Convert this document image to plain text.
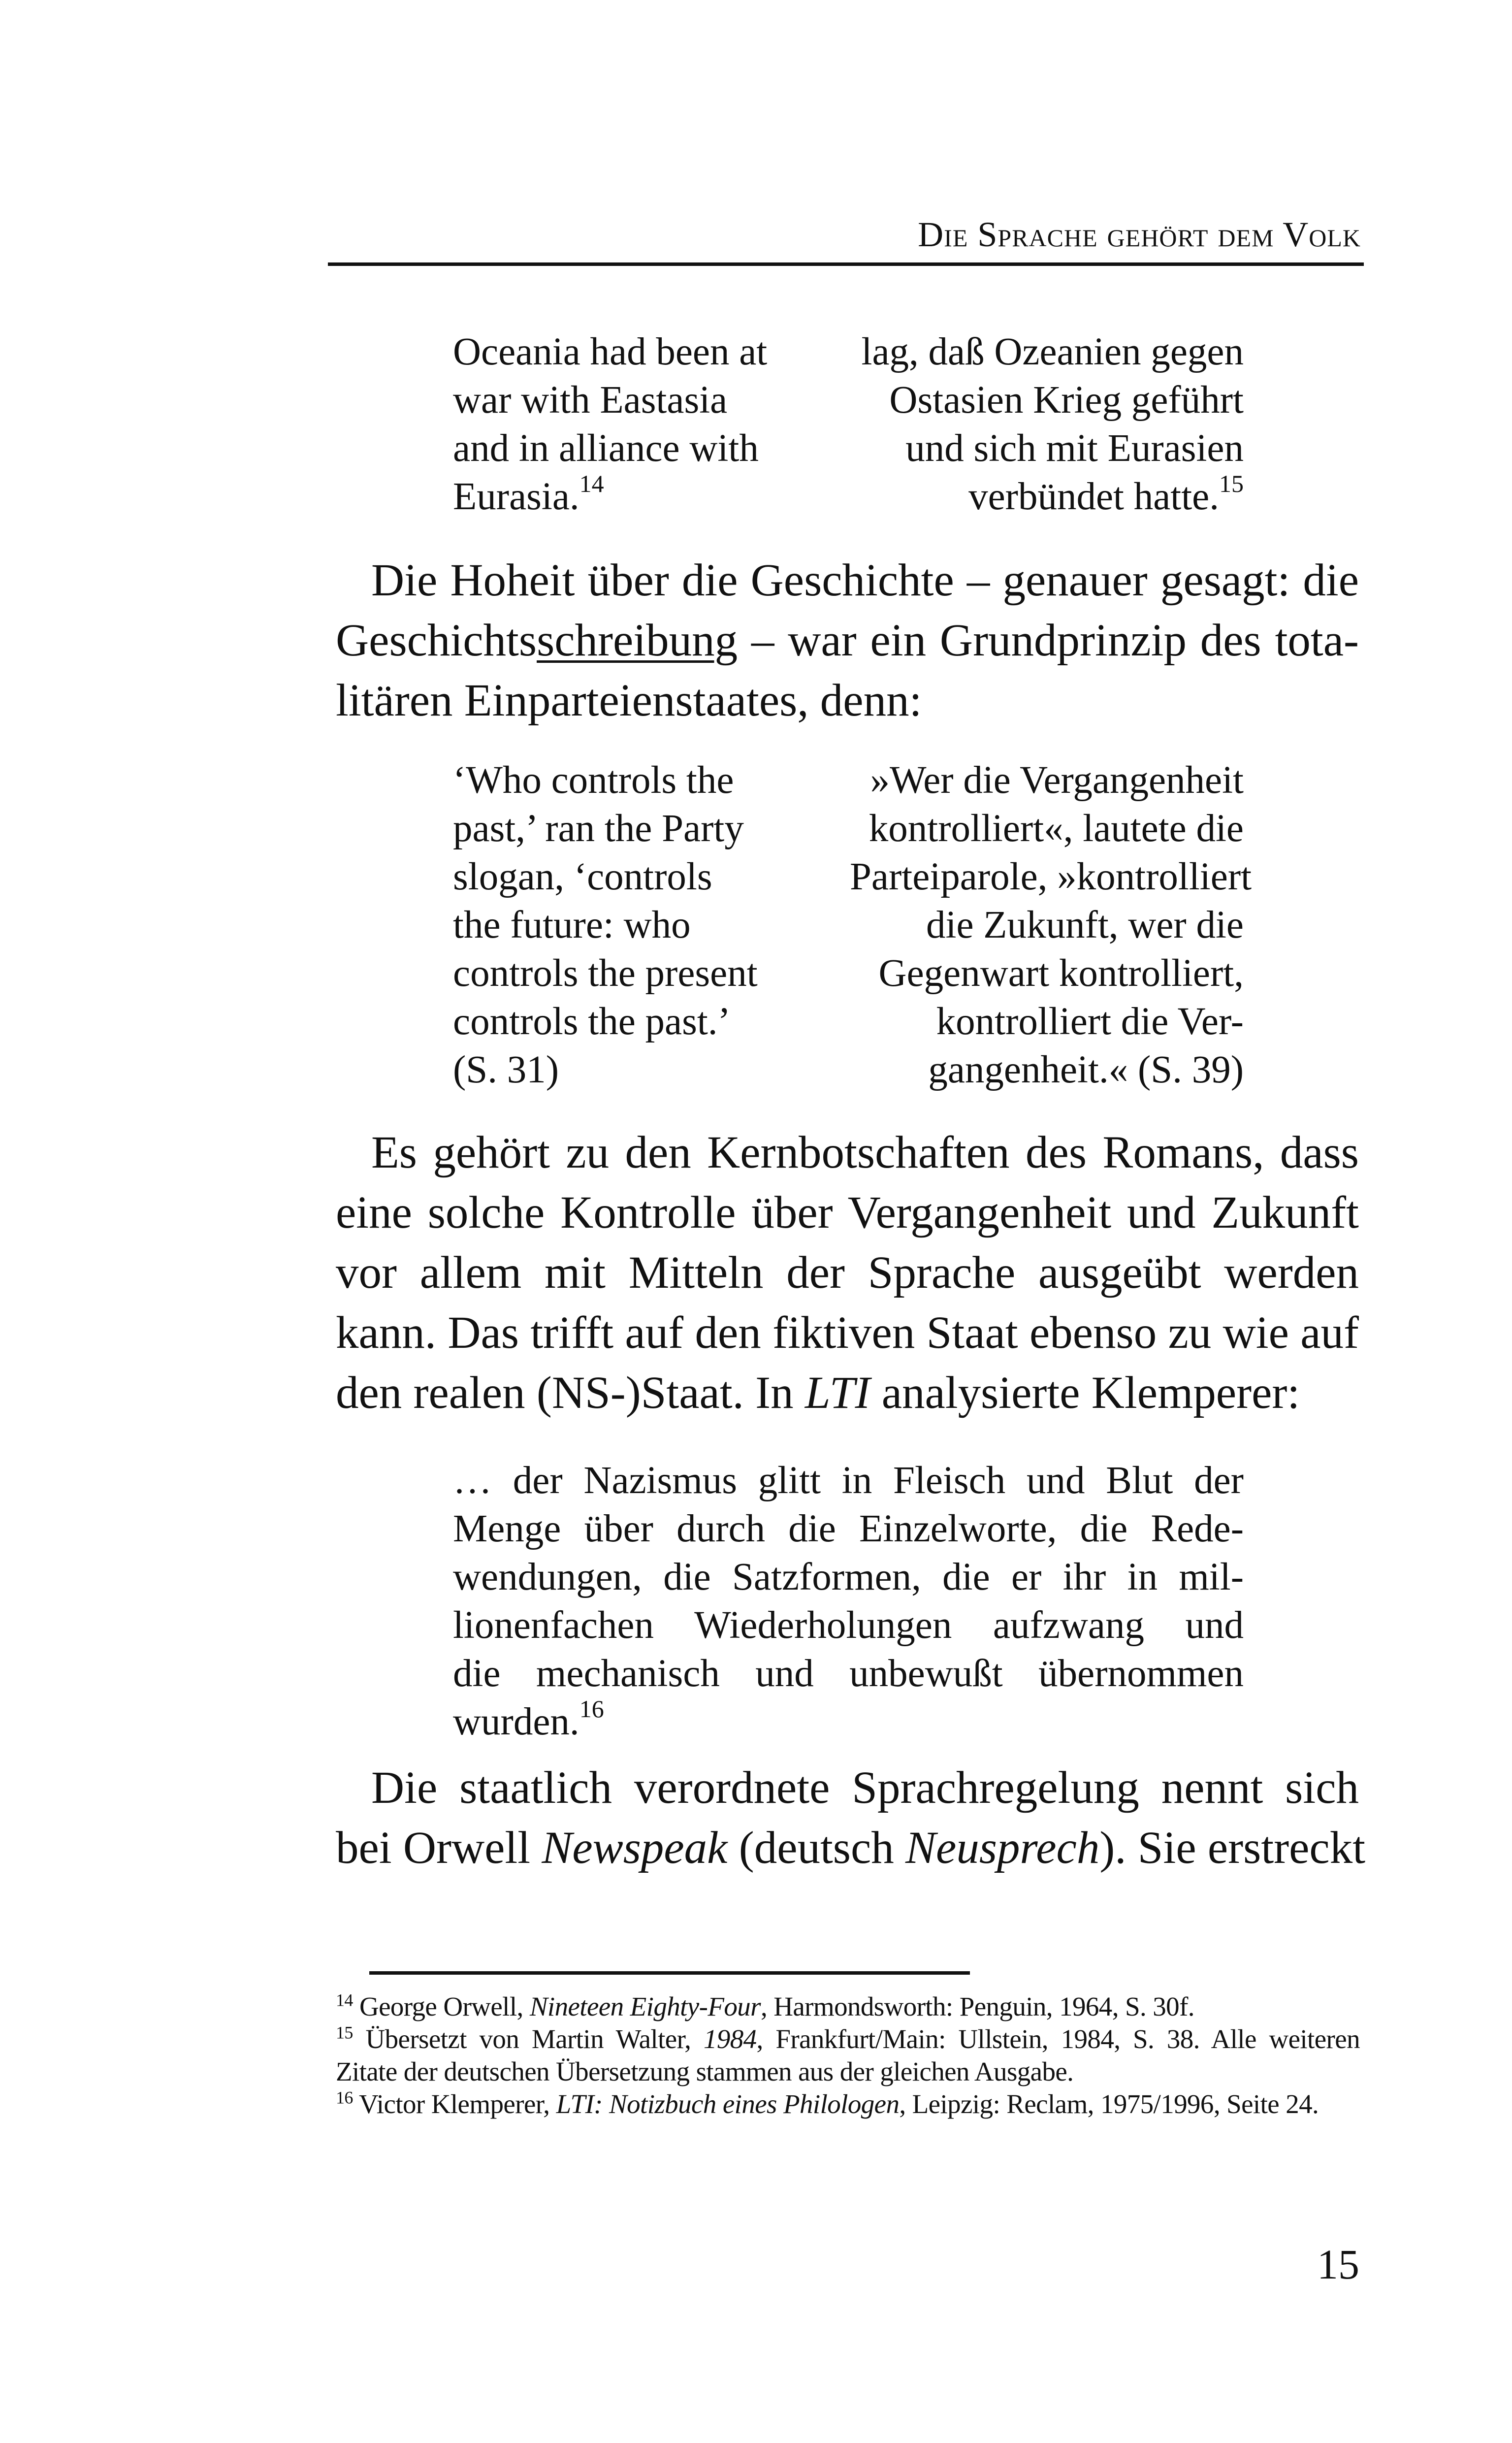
Die Sprache gehört dem Volk
Oceania had been at
war with Eastasia
and in alliance with
Eurasia.$^{14}$
lag, daß Ozeanien gegen
Ostasien Krieg geführt
und sich mit Eurasien
verbündet hatte.$^{15}$
Die Hoheit über die Geschichte – genauer gesagt: die
Geschichtsschreibung – war ein Grundprinzip des tota-
litären Einparteienstaates, denn:
‘Who controls the
past,’ ran the Party
slogan, ‘controls
the future: who
controls the present
controls the past.’
(S. 31)
»Wer die Vergangenheit
kontrolliert«, lautete die
Parteiparole, »kontrolliert
die Zukunft, wer die
Gegenwart kontrolliert,
kontrolliert die Ver-
gangenheit.« (S. 39)
Es gehört zu den Kernbotschaften des Romans, dass
eine solche Kontrolle über Vergangenheit und Zukunft
vor allem mit Mitteln der Sprache ausgeübt werden
kann. Das trifft auf den fiktiven Staat ebenso zu wie auf
den realen (NS-)Staat. In LTI analysierte Klemperer:
… der Nazismus glitt in Fleisch und Blut der
Menge über durch die Einzelworte, die Rede-
wendungen, die Satzformen, die er ihr in mil-
lionenfachen Wiederholungen aufzwang und
die mechanisch und unbewußt übernommen
wurden.$^{16}$
Die staatlich verordnete Sprachregelung nennt sich
bei Orwell Newspeak (deutsch Neusprech). Sie erstreckt
$^{14}$ George Orwell, Nineteen Eighty-Four, Harmondsworth: Penguin, 1964, S. 30f.
$^{15}$ Übersetzt von Martin Walter, 1984, Frankfurt/Main: Ullstein, 1984, S. 38. Alle weiteren
Zitate der deutschen Übersetzung stammen aus der gleichen Ausgabe.
$^{16}$ Victor Klemperer, LTI: Notizbuch eines Philologen, Leipzig: Reclam, 1975/1996, Seite 24.
15
